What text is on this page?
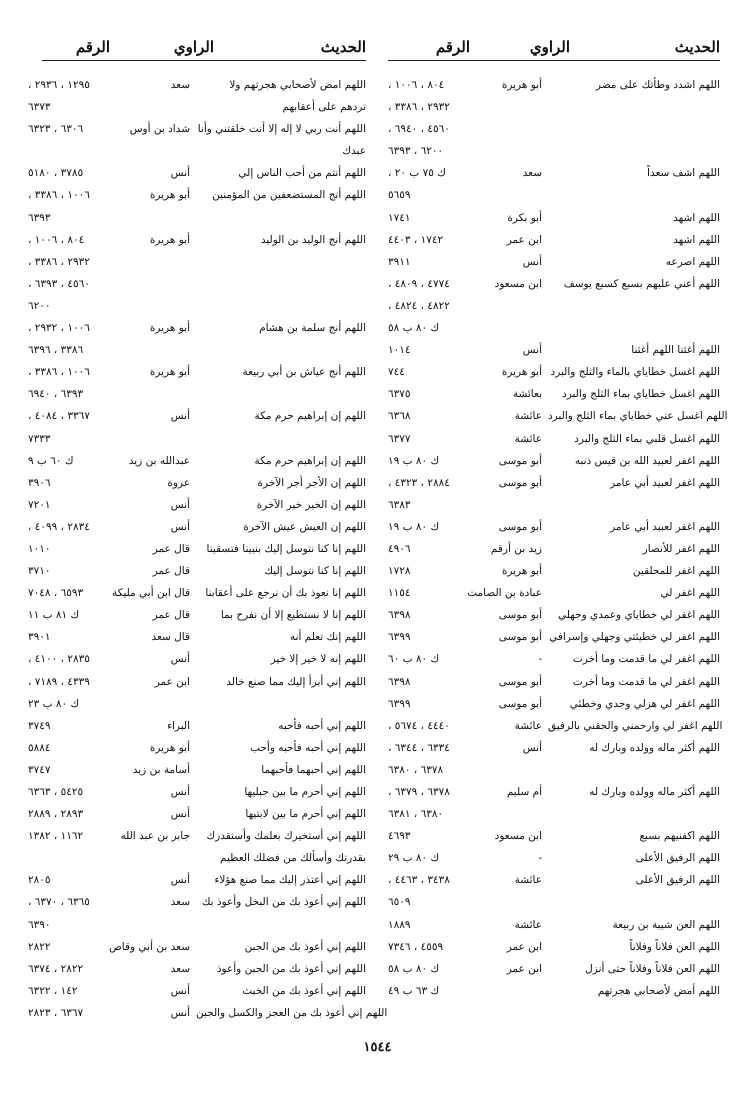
الحديث
الراوي
الرقم
الحديث
الراوي
الرقم
اللهم اشدد وطأتك على مضر
أبو هريرة
٨٠٤ ، ١٠٠٦ ،
٢٩٣٢ ، ٣٣٨٦ ،
٤٥٦٠ ، ٦٩٤٠ ،
٦٢٠٠ ، ٦٣٩٣
اللهم اشف سعداً
سعد
ك ٧٥ ب ٢٠ ،
٥٦٥٩
اللهم اشهد
أبو بكرة
١٧٤١
اللهم اشهد
ابن عمر
١٧٤٢ ، ٤٤٠٣
اللهم اصرعه
أنس
٣٩١١
اللهم أعني عليهم بسبع كسبع يوسف
ابن مسعود
٤٧٧٤ ، ٤٨٠٩ ،
٤٨٢٢ ، ٤٨٢٤ ،
ك ٨٠ ب ٥٨
اللهم أغثنا اللهم أغثنا
أنس
١٠١٤
اللهم اغسل خطاياي بالماء والثلج والبرد
أبو هريرة
٧٤٤
اللهم اغسل خطاياي بماء الثلج والبرد
بعائشة
٦٣٧٥
اللهم اغسل عني خطاياي بماء الثلج والبرد
عائشة
٦٣٦٨
اللهم اغسل قلبي بماء الثلج والبرد
عائشة
٦٣٧٧
اللهم اغفر لعبيد الله بن قيس ذنبه
أبو موسى
ك ٨٠ ب ١٩
اللهم اغفر لعبيد أبي عامر
أبو موسى
٢٨٨٤ ، ٤٣٢٣ ،
٦٣٨٣
اللهم اغفر لعبيد أبي عامر
أبو موسى
ك ٨٠ ب ١٩
اللهم اغفر للأنصار
زيد بن أرقم
٤٩٠٦
اللهم اغفر للمحلقين
أبو هريرة
١٧٢٨
اللهم اغفر لي
عبادة بن الصامت
١١٥٤
اللهم اغفر لي خطاياي وعمدي وجهلي
أبو موسى
٦٣٩٨
اللهم اغفر لي خطيئتي وجهلي وإسرافي
أبو موسى
٦٣٩٩
اللهم اغفر لي ما قدمت وما أخرت
-
ك ٨٠ ب ٦٠
اللهم اغفر لي ما قدمت وما أخرت
أبو موسى
٦٣٩٨
اللهم اغفر لي هزلي وجدي وخطئي
أبو موسى
٦٣٩٩
اللهم اغفر لي وارحمني والحقني بالرفيق
عائشة
٤٤٤٠ ، ٥٦٧٤ ،
اللهم أكثر ماله وولده وبارك له
أنس
٦٣٣٤ ، ٦٣٤٤ ،
٦٣٧٨ ، ٦٣٨٠
اللهم أكثر ماله وولده وبارك له
أم سليم
٦٣٧٨ ، ٦٣٧٩ ،
٦٣٨٠ ، ٦٣٨١
اللهم اكفنيهم بسبع
ابن مسعود
٤٦٩٣
اللهم الرفيق الأعلى
-
ك ٨٠ ب ٢٩
اللهم الرفيق الأعلى
عائشة
٣٤٣٨ ، ٤٤٦٣ ،
٦٥٠٩
اللهم العن شيبة بن ربيعة
عائشة
١٨٨٩
اللهم العن فلاناً وفلاناً
ابن عمر
٤٥٥٩ ، ٧٣٤٦
اللهم العن فلاناً وفلاناً حتى أنزل
ابن عمر
ك ٨٠ ب ٥٨
اللهم أمض لأصحابي هجرتهم
ك ٦٣ ب ٤٩
اللهم امض لأصحابي هجرتهم ولا
سعد
١٢٩٥ ، ٢٩٣٦ ،
تردهم على أعقابهم
٦٣٧٣
اللهم أنت ربي لا إله إلا أنت خلقتني وأنا
شداد بن أوس
٦٣٠٦ ، ٦٣٢٣
عبدك
اللهم أنتم من أحب الناس إلي
أنس
٣٧٨٥ ، ٥١٨٠
اللهم أنج المستضعفين من المؤمنين
أبو هريرة
١٠٠٦ ، ٣٣٨٦ ،
٦٣٩٣
اللهم أنج الوليد بن الوليد
أبو هريرة
٨٠٤ ، ١٠٠٦ ،
٢٩٣٢ ، ٣٣٨٦ ،
٤٥٦٠ ، ٦٣٩٣ ،
٦٢٠٠
اللهم أنج سلمة بن هشام
أبو هريرة
١٠٠٦ ، ٢٩٣٢ ،
٣٣٨٦ ، ٦٣٩٦
اللهم أنج عياش بن أبي ربيعة
أبو هريرة
١٠٠٦ ، ٣٣٨٦ ،
٦٣٩٣ ، ٦٩٤٠
اللهم إن إبراهيم حرم مكة
أنس
٣٣٦٧ ، ٤٠٨٤ ،
٧٣٣٣
اللهم إن إبراهيم حرم مكة
عبدالله بن زيد
ك ٦٠ ب ٩
اللهم إن الأجر أجر الآخرة
عروة
٣٩٠٦
اللهم إن الخير خير الآخرة
أنس
٧٢٠١
اللهم إن العيش عيش الآخرة
أنس
٢٨٣٤ ، ٤٠٩٩ ،
اللهم إنا كنا نتوسل إليك بنبينا فتسقينا
قال عمر
١٠١٠
اللهم إنا كنا نتوسل إليك
قال عمر
٣٧١٠
اللهم إنا نعوذ بك أن نرجع على أعقابنا
قال ابن أبي مليكة
٦٥٩٣ ، ٧٠٤٨
اللهم إنا لا نستطيع إلا أن نفرح بما
قال عمر
ك ٨١ ب ١١
اللهم إنك تعلم أنه
قال سعد
٣٩٠١
اللهم إنه لا خير إلا خير
أنس
٢٨٣٥ ، ٤١٠٠ ،
اللهم إني أبرأ إليك مما صنع خالد
ابن عمر
٤٣٣٩ ، ٧١٨٩ ،
ك ٨٠ ب ٢٣
اللهم إني أحبه فأحبه
البراء
٣٧٤٩
اللهم إني أحبه فأحبه وأحب
أبو هريرة
٥٨٨٤
اللهم إني أحبهما فأحبهما
أسامة بن زيد
٣٧٤٧
اللهم إني أحرم ما بين جبليها
أنس
٥٤٢٥ ، ٦٣٦٣
اللهم إني أحرم ما بين لابتيها
أنس
٢٨٩٣ ، ٢٨٨٩
اللهم إني أستخيرك بعلمك وأستقدرك
جابر بن عبد الله
١١٦٢ ، ١٣٨٢
بقدرتك وأسألك من فضلك العظيم
اللهم إني أعتذر إليك مما صنع هؤلاء
أنس
٢٨٠٥
اللهم إني أعوذ بك من البخل وأعوذ بك
سعد
٦٣٦٥ ، ٦٣٧٠ ،
٦٣٩٠
اللهم إني أعوذ بك من الجبن
سعد بن أبي وقاص
٢٨٢٢
اللهم إني أعوذ بك من الجبن وأعوذ
سعد
٢٨٢٢ ، ٦٣٧٤
اللهم إني أعوذ بك من الخبث
أنس
١٤٢ ، ٦٣٢٢
اللهم إني أعوذ بك من العجز والكسل والجبن
أنس
٦٣٦٧ ، ٢٨٢٣
١٥٤٤
